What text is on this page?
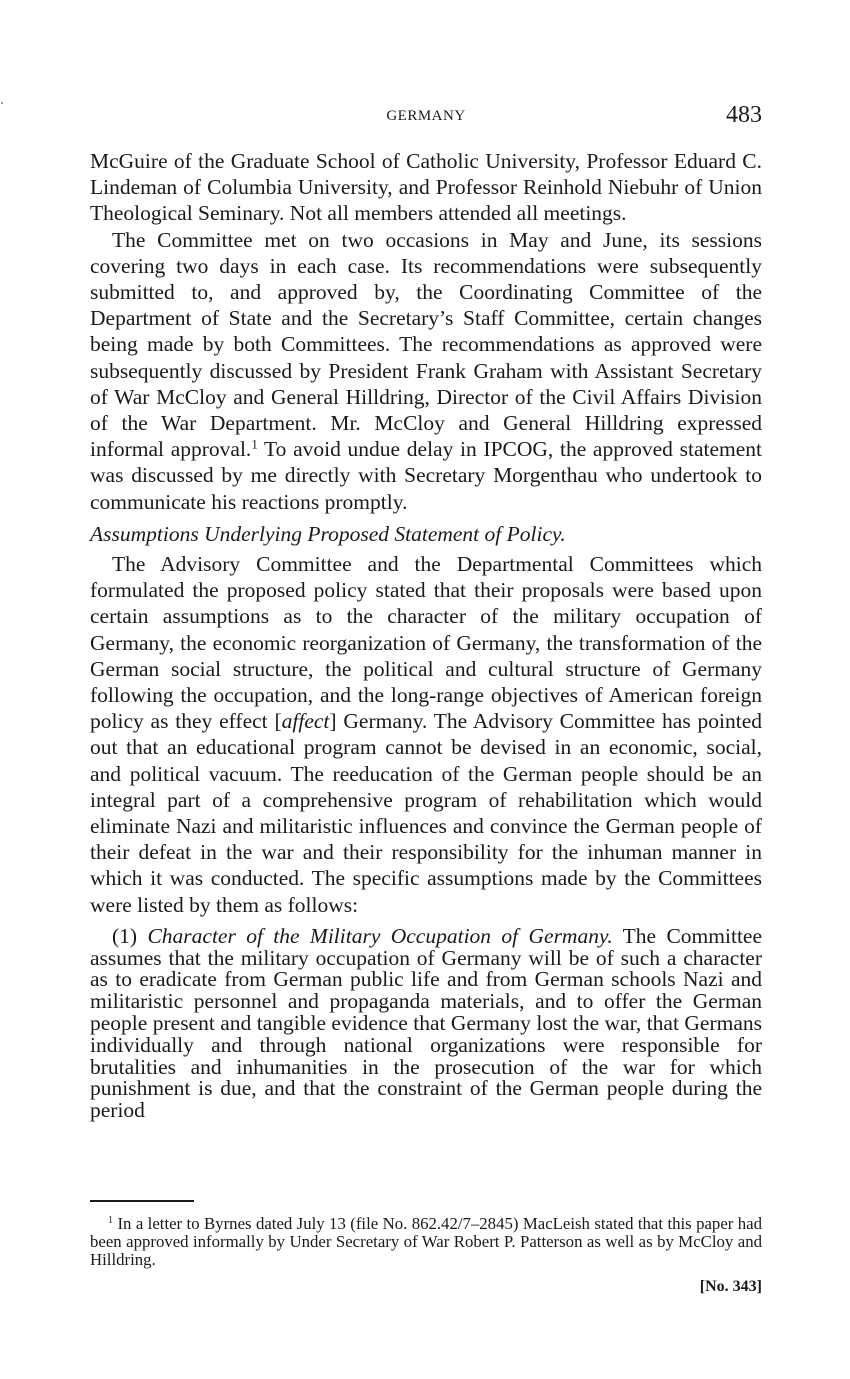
GERMANY	483

McGuire of the Graduate School of Catholic University, Professor Eduard C. Lindeman of Columbia University, and Professor Reinhold Niebuhr of Union Theological Seminary. Not all members attended all meetings.

The Committee met on two occasions in May and June, its sessions covering two days in each case. Its recommendations were subsequently submitted to, and approved by, the Coordinating Committee of the Department of State and the Secretary’s Staff Committee, certain changes being made by both Committees. The recommendations as approved were subsequently discussed by President Frank Graham with Assistant Secretary of War McCloy and General Hilldring, Director of the Civil Affairs Division of the War Department. Mr. McCloy and General Hilldring expressed informal approval.$^1$ To avoid undue delay in IPCOG, the approved statement was discussed by me directly with Secretary Morgenthau who undertook to communicate his reactions promptly.

Assumptions Underlying Proposed Statement of Policy.

The Advisory Committee and the Departmental Committees which formulated the proposed policy stated that their proposals were based upon certain assumptions as to the character of the military occupation of Germany, the economic reorganization of Germany, the transformation of the German social structure, the political and cultural structure of Germany following the occupation, and the long-range objectives of American foreign policy as they effect [affect] Germany. The Advisory Committee has pointed out that an educational program cannot be devised in an economic, social, and political vacuum. The reeducation of the German people should be an integral part of a comprehensive program of rehabilitation which would eliminate Nazi and militaristic influences and convince the German people of their defeat in the war and their responsibility for the inhuman manner in which it was conducted. The specific assumptions made by the Committees were listed by them as follows:

(1) Character of the Military Occupation of Germany. The Committee assumes that the military occupation of Germany will be of such a character as to eradicate from German public life and from German schools Nazi and militaristic personnel and propaganda materials, and to offer the German people present and tangible evidence that Germany lost the war, that Germans individually and through national organizations were responsible for brutalities and inhumanities in the prosecution of the war for which punishment is due, and that the constraint of the German people during the period

$^1$ In a letter to Byrnes dated July 13 (file No. 862.42/7–2845) MacLeish stated that this paper had been approved informally by Under Secretary of War Robert P. Patterson as well as by McCloy and Hilldring.

[No. 343]
